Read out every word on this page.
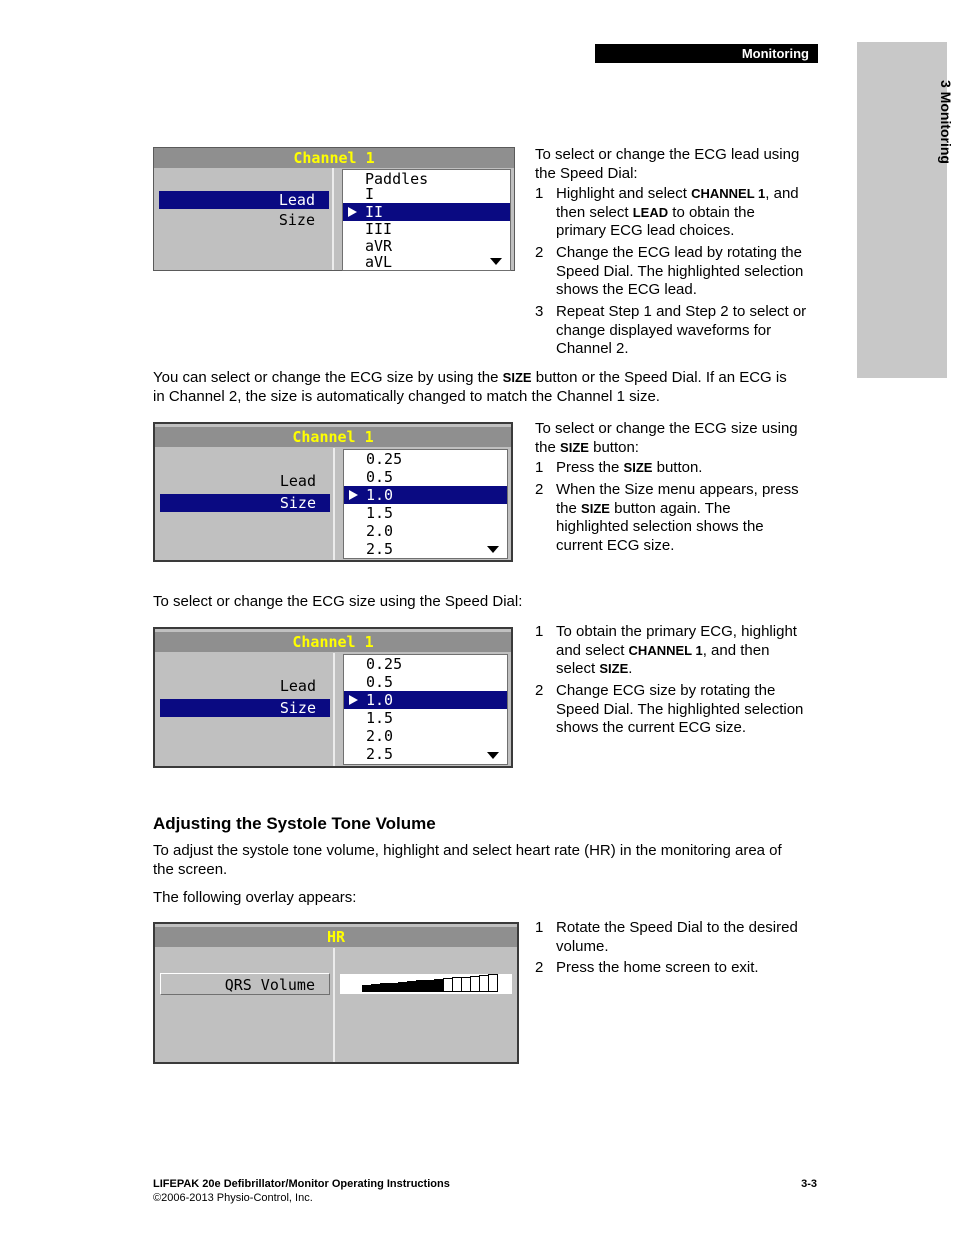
Monitoring
3 Monitoring
Channel 1
Lead
Size
Paddles
I
II
III
aVR
aVL
To select or change the ECG lead using
the Speed Dial:
1 Highlight and select CHANNEL 1, and
then select LEAD to obtain the
primary ECG lead choices.
2 Change the ECG lead by rotating the
Speed Dial. The highlighted selection
shows the ECG lead.
3 Repeat Step 1 and Step 2 to select or
change displayed waveforms for
Channel 2.
You can select or change the ECG size by using the SIZE button or the Speed Dial. If an ECG is
in Channel 2, the size is automatically changed to match the Channel 1 size.
Channel 1
Lead
Size
0.25
0.5
1.0
1.5
2.0
2.5
To select or change the ECG size using
the SIZE button:
1 Press the SIZE button.
2 When the Size menu appears, press
the SIZE button again. The
highlighted selection shows the
current ECG size.
To select or change the ECG size using the Speed Dial:
Channel 1
Lead
Size
0.25
0.5
1.0
1.5
2.0
2.5
1 To obtain the primary ECG, highlight
and select CHANNEL 1, and then
select SIZE.
2 Change ECG size by rotating the
Speed Dial. The highlighted selection
shows the current ECG size.
Adjusting the Systole Tone Volume
To adjust the systole tone volume, highlight and select heart rate (HR) in the monitoring area of
the screen.
The following overlay appears:
HR
QRS Volume
1 Rotate the Speed Dial to the desired
volume.
2 Press the home screen to exit.
LIFEPAK 20e Defibrillator/Monitor Operating Instructions
©2006-2013 Physio-Control, Inc.
3-3
